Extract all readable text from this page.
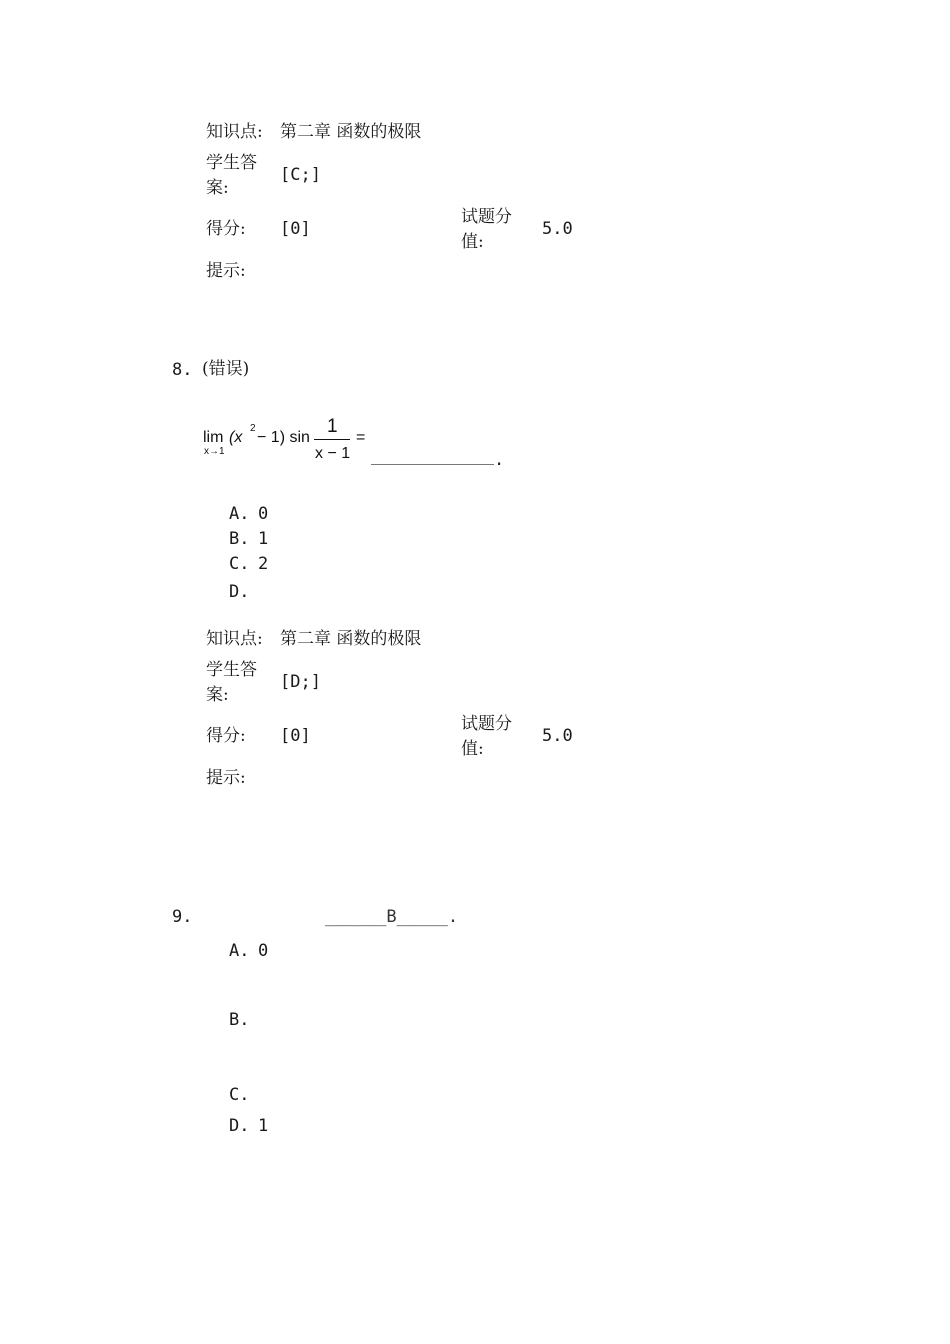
知识点: 第二章 函数的极限
学生答案:
[C;]
得分: [0]
试题分值:
5.0
提示:
8. (错误)
lim
x→1
(x
2
− 1) sin
1
x − 1
=
.
A. 0
B. 1
C. 2
D.
知识点: 第二章 函数的极限
学生答案:
[D;]
得分: [0]
试题分值:
5.0
提示:
9.	______B_____.
A. 0
B.
C.
D. 1
